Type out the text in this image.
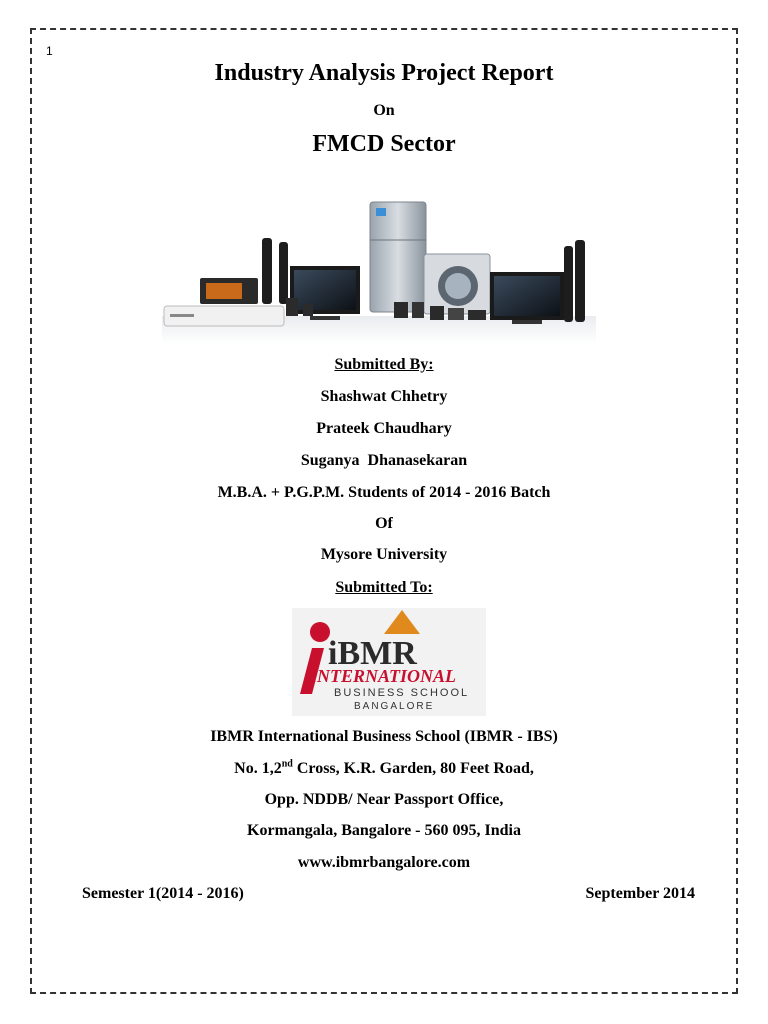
1
Industry Analysis Project Report
On
FMCD Sector
Submitted By:
Shashwat Chhetry
Prateek Chaudhary
Suganya  Dhanasekaran
M.B.A. + P.G.P.M. Students of 2014 - 2016 Batch
Of
Mysore University
Submitted To:
iBMR
INTERNATIONAL
BUSINESS SCHOOL
BANGALORE
IBMR International Business School (IBMR - IBS)
No. 1,2nd Cross, K.R. Garden, 80 Feet Road,
Opp. NDDB/ Near Passport Office,
Kormangala, Bangalore - 560 095, India
www.ibmrbangalore.com
Semester 1(2014 - 2016)	September 2014
